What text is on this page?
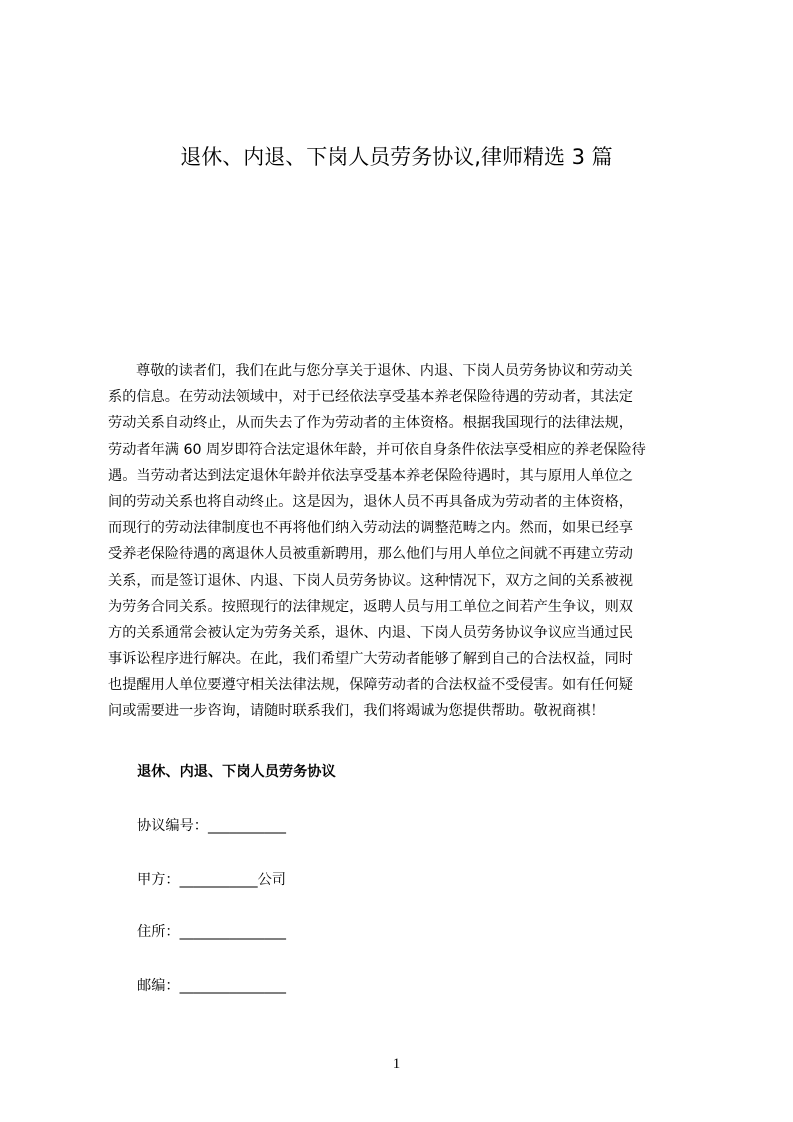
退休、内退、下岗人员劳务协议,律师精选 3 篇
尊敬的读者们，我们在此与您分享关于退休、内退、下岗人员劳务协议和劳动关
系的信息。在劳动法领域中，对于已经依法享受基本养老保险待遇的劳动者，其法定
劳动关系自动终止，从而失去了作为劳动者的主体资格。根据我国现行的法律法规，
劳动者年满 60 周岁即符合法定退休年龄，并可依自身条件依法享受相应的养老保险待
遇。当劳动者达到法定退休年龄并依法享受基本养老保险待遇时，其与原用人单位之
间的劳动关系也将自动终止。这是因为，退休人员不再具备成为劳动者的主体资格，
而现行的劳动法律制度也不再将他们纳入劳动法的调整范畴之内。然而，如果已经享
受养老保险待遇的离退休人员被重新聘用，那么他们与用人单位之间就不再建立劳动
关系，而是签订退休、内退、下岗人员劳务协议。这种情况下，双方之间的关系被视
为劳务合同关系。按照现行的法律规定，返聘人员与用工单位之间若产生争议，则双
方的关系通常会被认定为劳务关系，退休、内退、下岗人员劳务协议争议应当通过民
事诉讼程序进行解决。在此，我们希望广大劳动者能够了解到自己的合法权益，同时
也提醒用人单位要遵守相关法律法规，保障劳动者的合法权益不受侵害。如有任何疑
问或需要进一步咨询，请随时联系我们，我们将竭诚为您提供帮助。敬祝商祺！
退休、内退、下岗人员劳务协议
协议编号：___________
甲方：___________公司
住所：_______________
邮编：_______________
1
